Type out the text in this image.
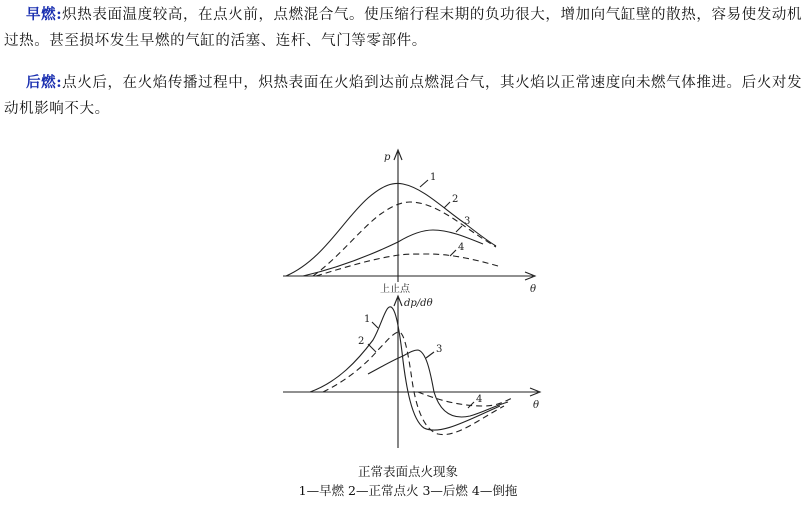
早燃:炽热表面温度较高，在点火前，点燃混合气。使压缩行程末期的负功很大，增加向气缸壁的散热，容易使发动机过热。甚至损坏发生早燃的气缸的活塞、连杆、气门等零部件。

后燃:点火后，在火焰传播过程中，炽热表面在火焰到达前点燃混合气，其火焰以正常速度向未燃气体推进。后火对发动机影响不大。

p
θ
上止点
1
2
3
4
dp/dθ
θ
1
2
3
4

正常表面点火现象

1—早燃 2—正常点火 3—后燃 4—倒拖
